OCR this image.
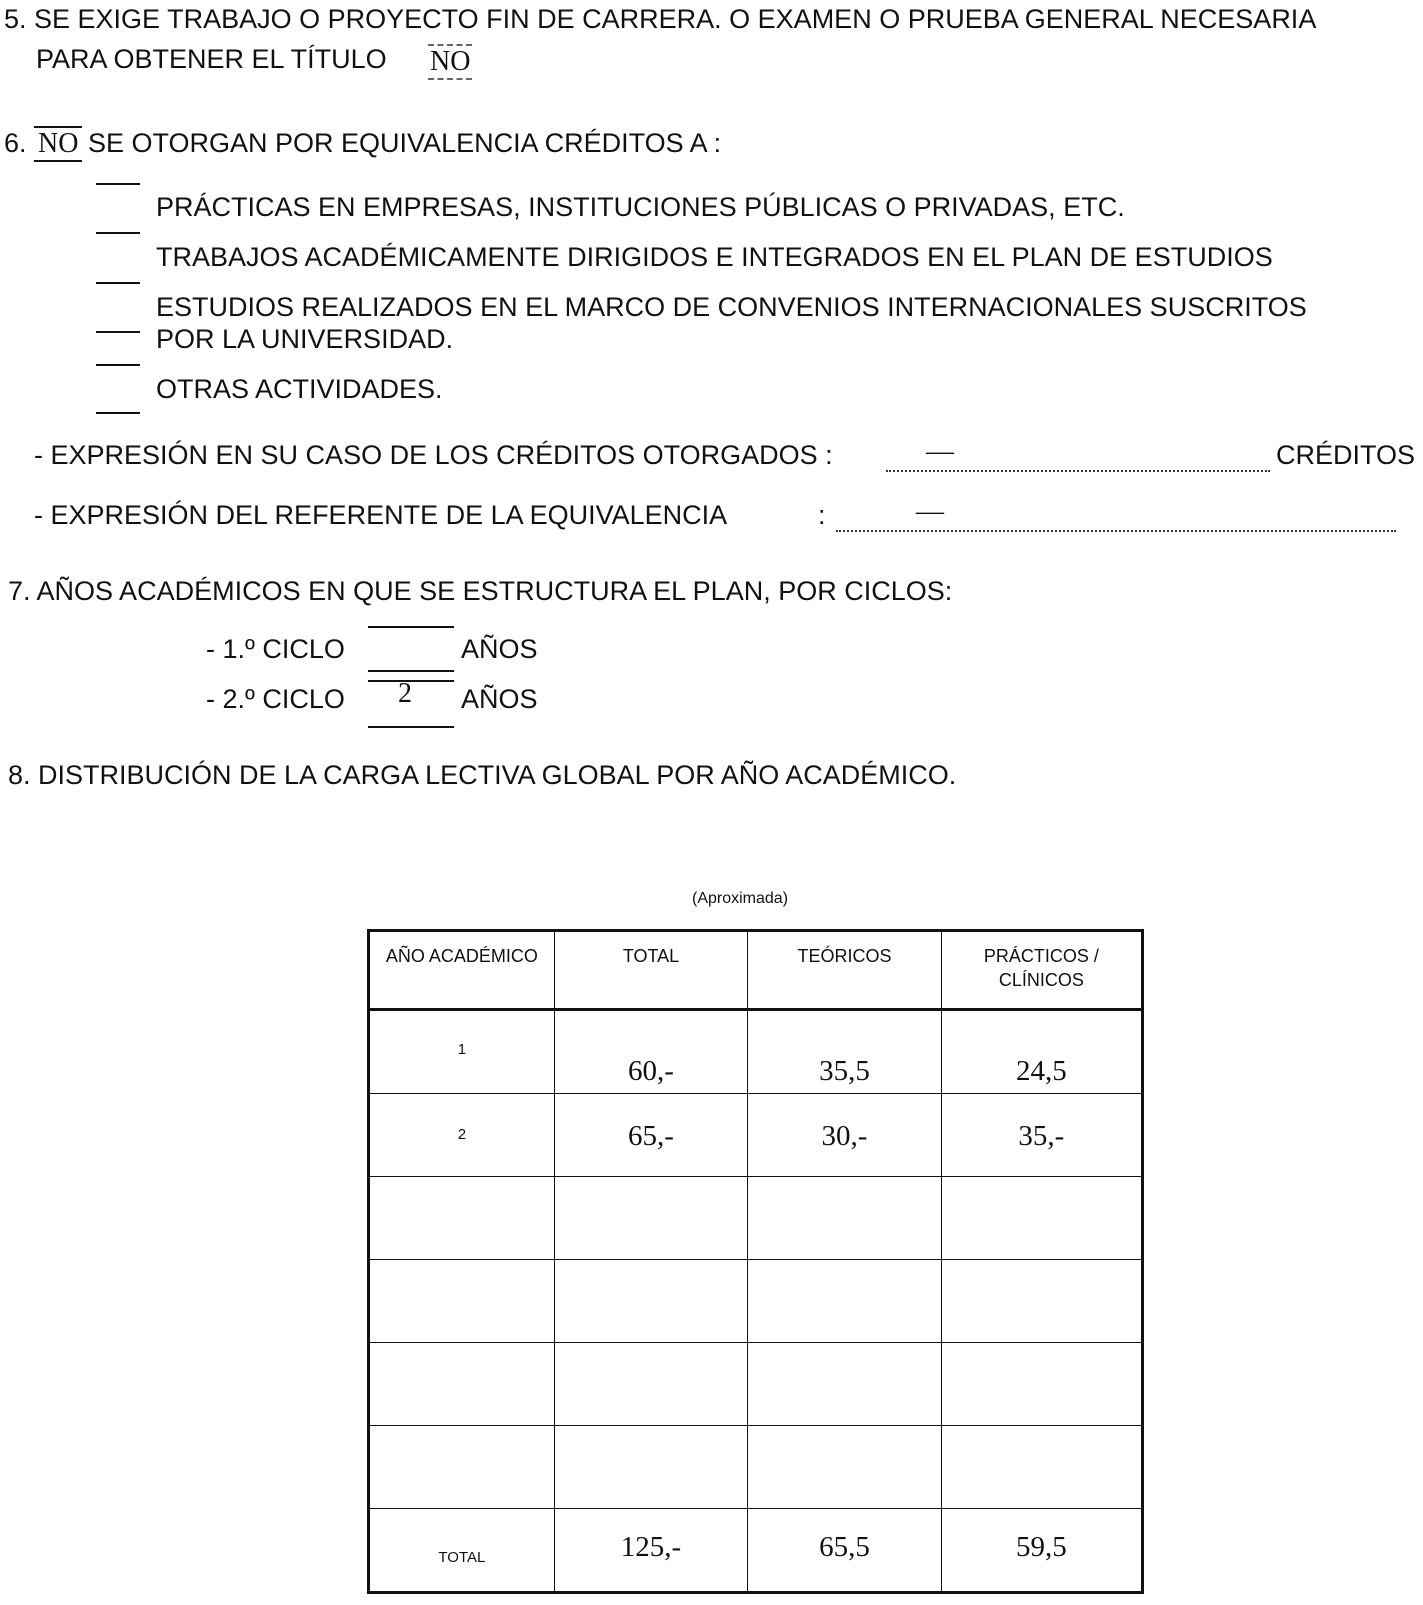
5. SE EXIGE TRABAJO O PROYECTO FIN DE CARRERA. O EXAMEN O PRUEBA GENERAL NECESARIA
PARA OBTENER EL TÍTULO NO
6. NO SE OTORGAN POR EQUIVALENCIA CRÉDITOS A :
PRÁCTICAS EN EMPRESAS, INSTITUCIONES PÚBLICAS O PRIVADAS, ETC.
TRABAJOS ACADÉMICAMENTE DIRIGIDOS E INTEGRADOS EN EL PLAN DE ESTUDIOS
ESTUDIOS REALIZADOS EN EL MARCO DE CONVENIOS INTERNACIONALES SUSCRITOS
POR LA UNIVERSIDAD.
OTRAS ACTIVIDADES.
- EXPRESIÓN EN SU CASO DE LOS CRÉDITOS OTORGADOS :	—	CRÉDITOS
- EXPRESIÓN DEL REFERENTE DE LA EQUIVALENCIA	:	—
7. AÑOS ACADÉMICOS EN QUE SE ESTRUCTURA EL PLAN, POR CICLOS:
- 1.º CICLO	AÑOS
- 2.º CICLO 2 AÑOS
8. DISTRIBUCIÓN DE LA CARGA LECTIVA GLOBAL POR AÑO ACADÉMICO.
(Aproximada)
AÑO ACADÉMICO	TOTAL	TEÓRICOS	PRÁCTICOS / CLÍNICOS

1	60,-	35,5	24,5

2	65,-	30,-	35,-

TOTAL	125,-	65,5	59,5
